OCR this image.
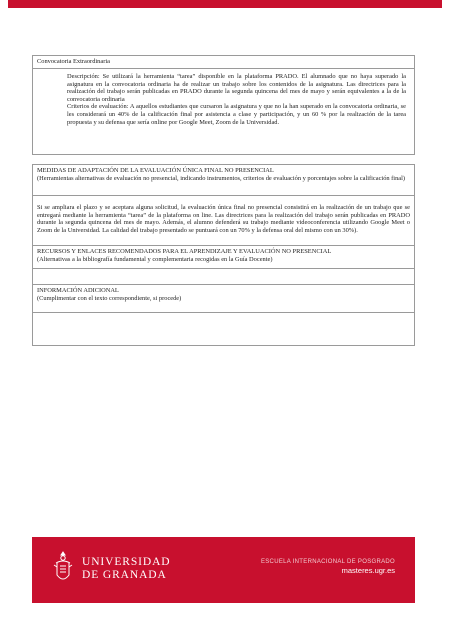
Convocatoria Extraordinaria
Descripción: Se utilizará la herramienta “tarea” disponible en la plataforma PRADO. El alumnado que no haya superado la asignatura en la convocatoria ordinaria ha de realizar un trabajo sobre los contenidos de la asignatura. Las directrices para la realización del trabajo serán publicadas en PRADO durante la segunda quincena del mes de mayo y serán equivalentes a la de la convocatoria ordinaria
Criterios de evaluación: A aquellos estudiantes que cursaron la asignatura y que no la han superado en la convocatoria ordinaria, se les considerará un 40% de la calificación final por asistencia a clase y participación, y un 60 % por la realización de la tarea propuesta y su defensa que sería online por Google Meet, Zoom de la Universidad.
MEDIDAS DE ADAPTACIÓN DE LA EVALUACIÓN ÚNICA FINAL NO PRESENCIAL
(Herramientas alternativas de evaluación no presencial, indicando instrumentos, criterios de evaluación y porcentajes sobre la calificación final)
Si se ampliara el plazo y se aceptara alguna solicitud, la evaluación única final no presencial consistirá en la realización de un trabajo que se entregará mediante la herramienta “tarea” de la plataforma on line. Las directrices para la realización del trabajo serán publicadas en PRADO durante la segunda quincena del mes de mayo. Además, el alumno defenderá su trabajo mediante videoconferencia utilizando Google Meet o Zoom de la Universidad. La calidad del trabajo presentado se puntuará con un 70% y la defensa oral del mismo con un 30%).
RECURSOS Y ENLACES RECOMENDADOS PARA EL APRENDIZAJE Y EVALUACIÓN NO PRESENCIAL
(Alternativas a la bibliografía fundamental y complementaria recogidas en la Guía Docente)
INFORMACIÓN ADICIONAL
(Cumplimentar con el texto correspondiente, si procede)
UNIVERSIDAD
DE GRANADA
ESCUELA INTERNACIONAL DE POSGRADO
masteres.ugr.es
